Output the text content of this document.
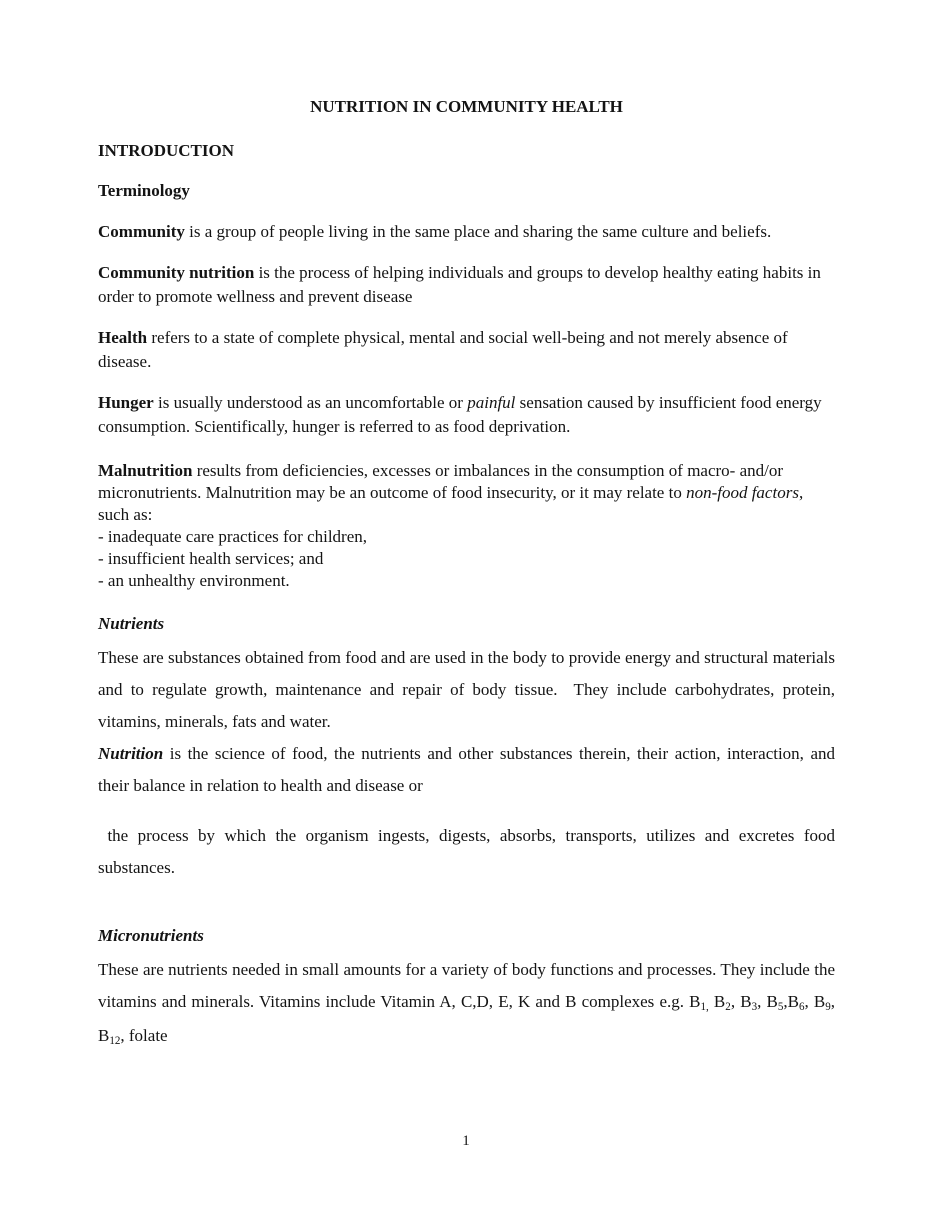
NUTRITION IN COMMUNITY HEALTH
INTRODUCTION
Terminology

Community is a group of people living in the same place and sharing the same culture and beliefs.

Community nutrition is the process of helping individuals and groups to develop healthy eating habits in order to promote wellness and prevent disease

Health refers to a state of complete physical, mental and social well-being and not merely absence of disease.

Hunger is usually understood as an uncomfortable or painful sensation caused by insufficient food energy consumption. Scientifically, hunger is referred to as food deprivation.

Malnutrition results from deficiencies, excesses or imbalances in the consumption of macro- and/or micronutrients. Malnutrition may be an outcome of food insecurity, or it may relate to non-food factors, such as:
- inadequate care practices for children,
- insufficient health services; and
- an unhealthy environment.

Nutrients

These are substances obtained from food and are used in the body to provide energy and structural materials and to regulate growth, maintenance and repair of body tissue.  They include carbohydrates, protein, vitamins, minerals, fats and water.

Nutrition is the science of food, the nutrients and other substances therein, their action, interaction, and their balance in relation to health and disease or

the process by which the organism ingests, digests, absorbs, transports, utilizes and excretes food substances.

Micronutrients

These are nutrients needed in small amounts for a variety of body functions and processes. They include the vitamins and minerals. Vitamins include Vitamin A, C,D, E, K and B complexes e.g. B1, B2, B3, B5,B6, B9, B12, folate

1
